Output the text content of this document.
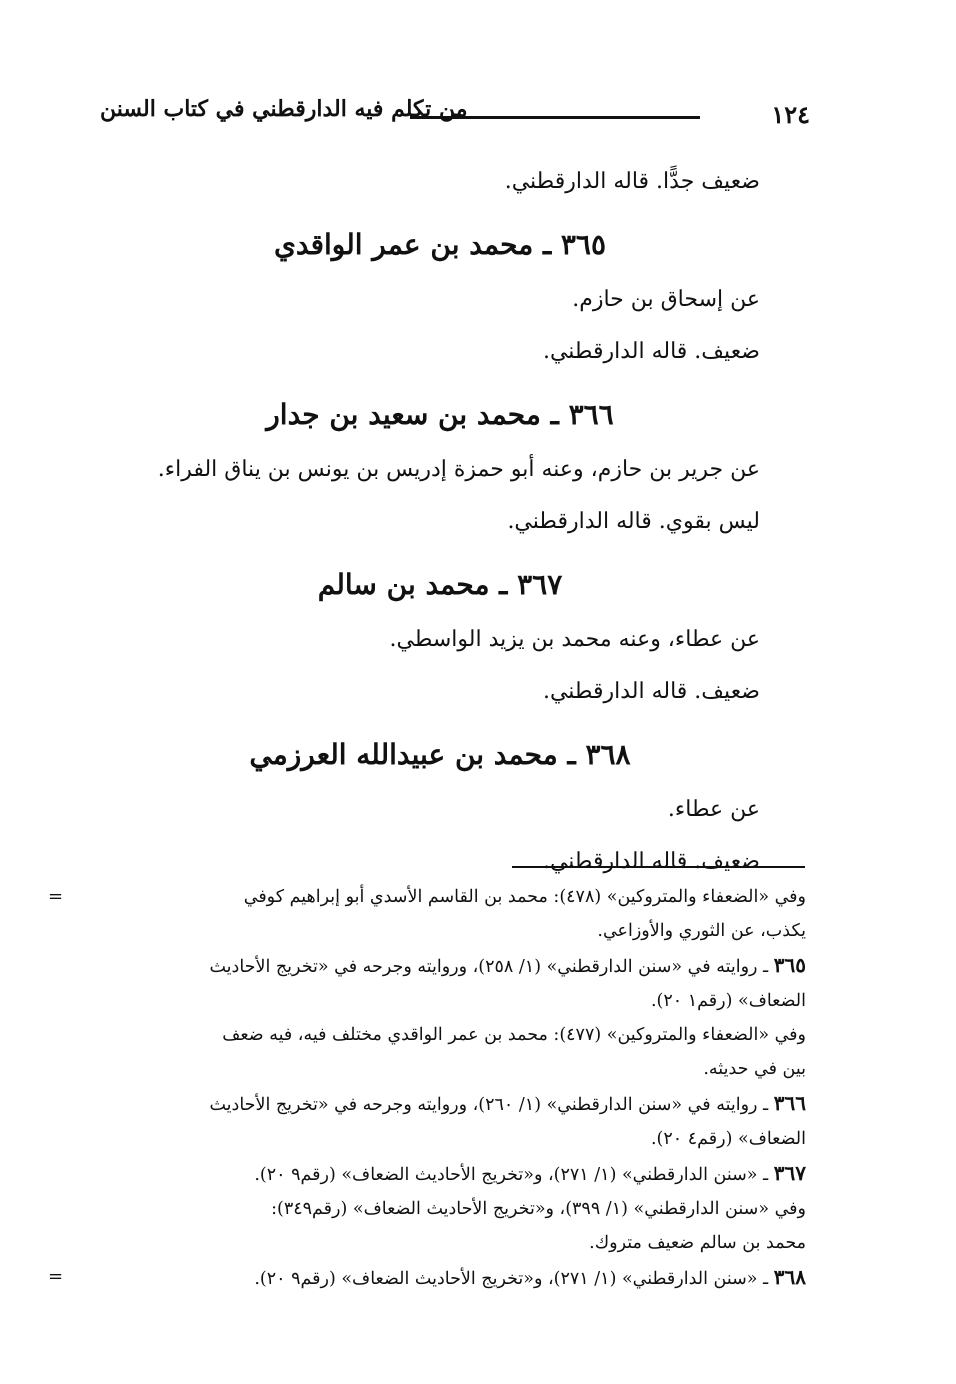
١٢٤
من تكلم فيه الدارقطني في كتاب السنن
ضعيف جدًّا. قاله الدارقطني.
٣٦٥ ـ محمد بن عمر الواقدي
عن إسحاق بن حازم.
ضعيف. قاله الدارقطني.
٣٦٦ ـ محمد بن سعيد بن جدار
عن جرير بن حازم، وعنه أبو حمزة إدريس بن يونس بن يناق الفراء.
ليس بقوي. قاله الدارقطني.
٣٦٧ ـ محمد بن سالم
عن عطاء، وعنه محمد بن يزيد الواسطي.
ضعيف. قاله الدارقطني.
٣٦٨ ـ محمد بن عبيدالله العرزمي
عن عطاء.
ضعيف. قاله الدارقطني.
=	وفي «الضعفاء والمتروكين» (٤٧٨): محمد بن القاسم الأسدي أبو إبراهيم كوفي
يكذب، عن الثوري والأوزاعي.
٣٦٥ ـ روايته في «سنن الدارقطني» (١/ ٢٥٨)، وروايته وجرحه في «تخريج الأحاديث
الضعاف» (رقم١ ٢٠).
وفي «الضعفاء والمتروكين» (٤٧٧): محمد بن عمر الواقدي مختلف فيه، فيه ضعف
بين في حديثه.
٣٦٦ ـ روايته في «سنن الدارقطني» (١/ ٢٦٠)، وروايته وجرحه في «تخريج الأحاديث
الضعاف» (رقم٤ ٢٠).
٣٦٧ ـ «سنن الدارقطني» (١/ ٢٧١)، و«تخريج الأحاديث الضعاف» (رقم٩ ٢٠).
وفي «سنن الدارقطني» (١/ ٣٩٩)، و«تخريج الأحاديث الضعاف» (رقم٣٤٩):
محمد بن سالم ضعيف متروك.
=	٣٦٨ ـ «سنن الدارقطني» (١/ ٢٧١)، و«تخريج الأحاديث الضعاف» (رقم٩ ٢٠).
